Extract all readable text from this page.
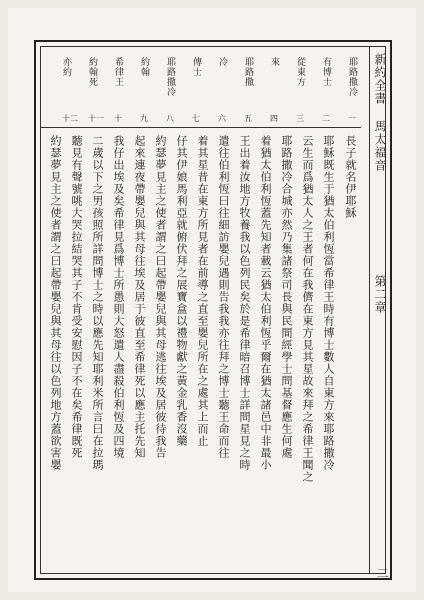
耶路撒冷
一
有博士
二
從東方
三
來
四
耶路撒
五
冷
六
傳士
七
耶路撒冷
八
約翰
九
希律王
十
約翰死
十一
亦約
十二
長子就名伊耶穌
耶穌既生于猶太伯利恆當希律王時有博士數人自東方來耶路撒冷
云生而爲猶太人之王者何在我儕在東方見其星故來拜之希律王聞之
耶路撒冷合城亦然乃集諸祭司長與民間經學士問基督應生何處
着猶太伯利恆蓋先知者載云猶太伯利恆乎爾在猶太諸邑中非最小
王出着汝地方牧養我以色列民矣於是希律暗召博士詳問星見之時
遣往伯利恆曰往細訪嬰兒遇則告我我亦往拜之博士聽王命而往
着其星昔在東方所見者在前導之直至嬰兒所在之處其上而止
仔其伊娘馬利亞就俯伏拜之展寶盒以禮物獻之黃金乳香沒藥
約瑟夢見主之使者謂之曰起帶嬰兒與其母逃往埃及居彼待我告
起來連夜帶嬰兒與其母往埃及居于彼直至希律死以應主托先知
我仔出埃及矣希律見爲博士所愚則大怒遣人盡殺伯利恆及四境
二歲以下之男孩照所詳問博士之時以應先知耶利米所言曰在拉瑪
聽見有聲號咷大哭拉結哭其子不肯受安慰因子不在矣希律既死
約瑟夢見主之使者謂之曰起帶嬰兒與其母往以色列地方蓋欲害嬰
新約全書 馬太福音
第二章
二
